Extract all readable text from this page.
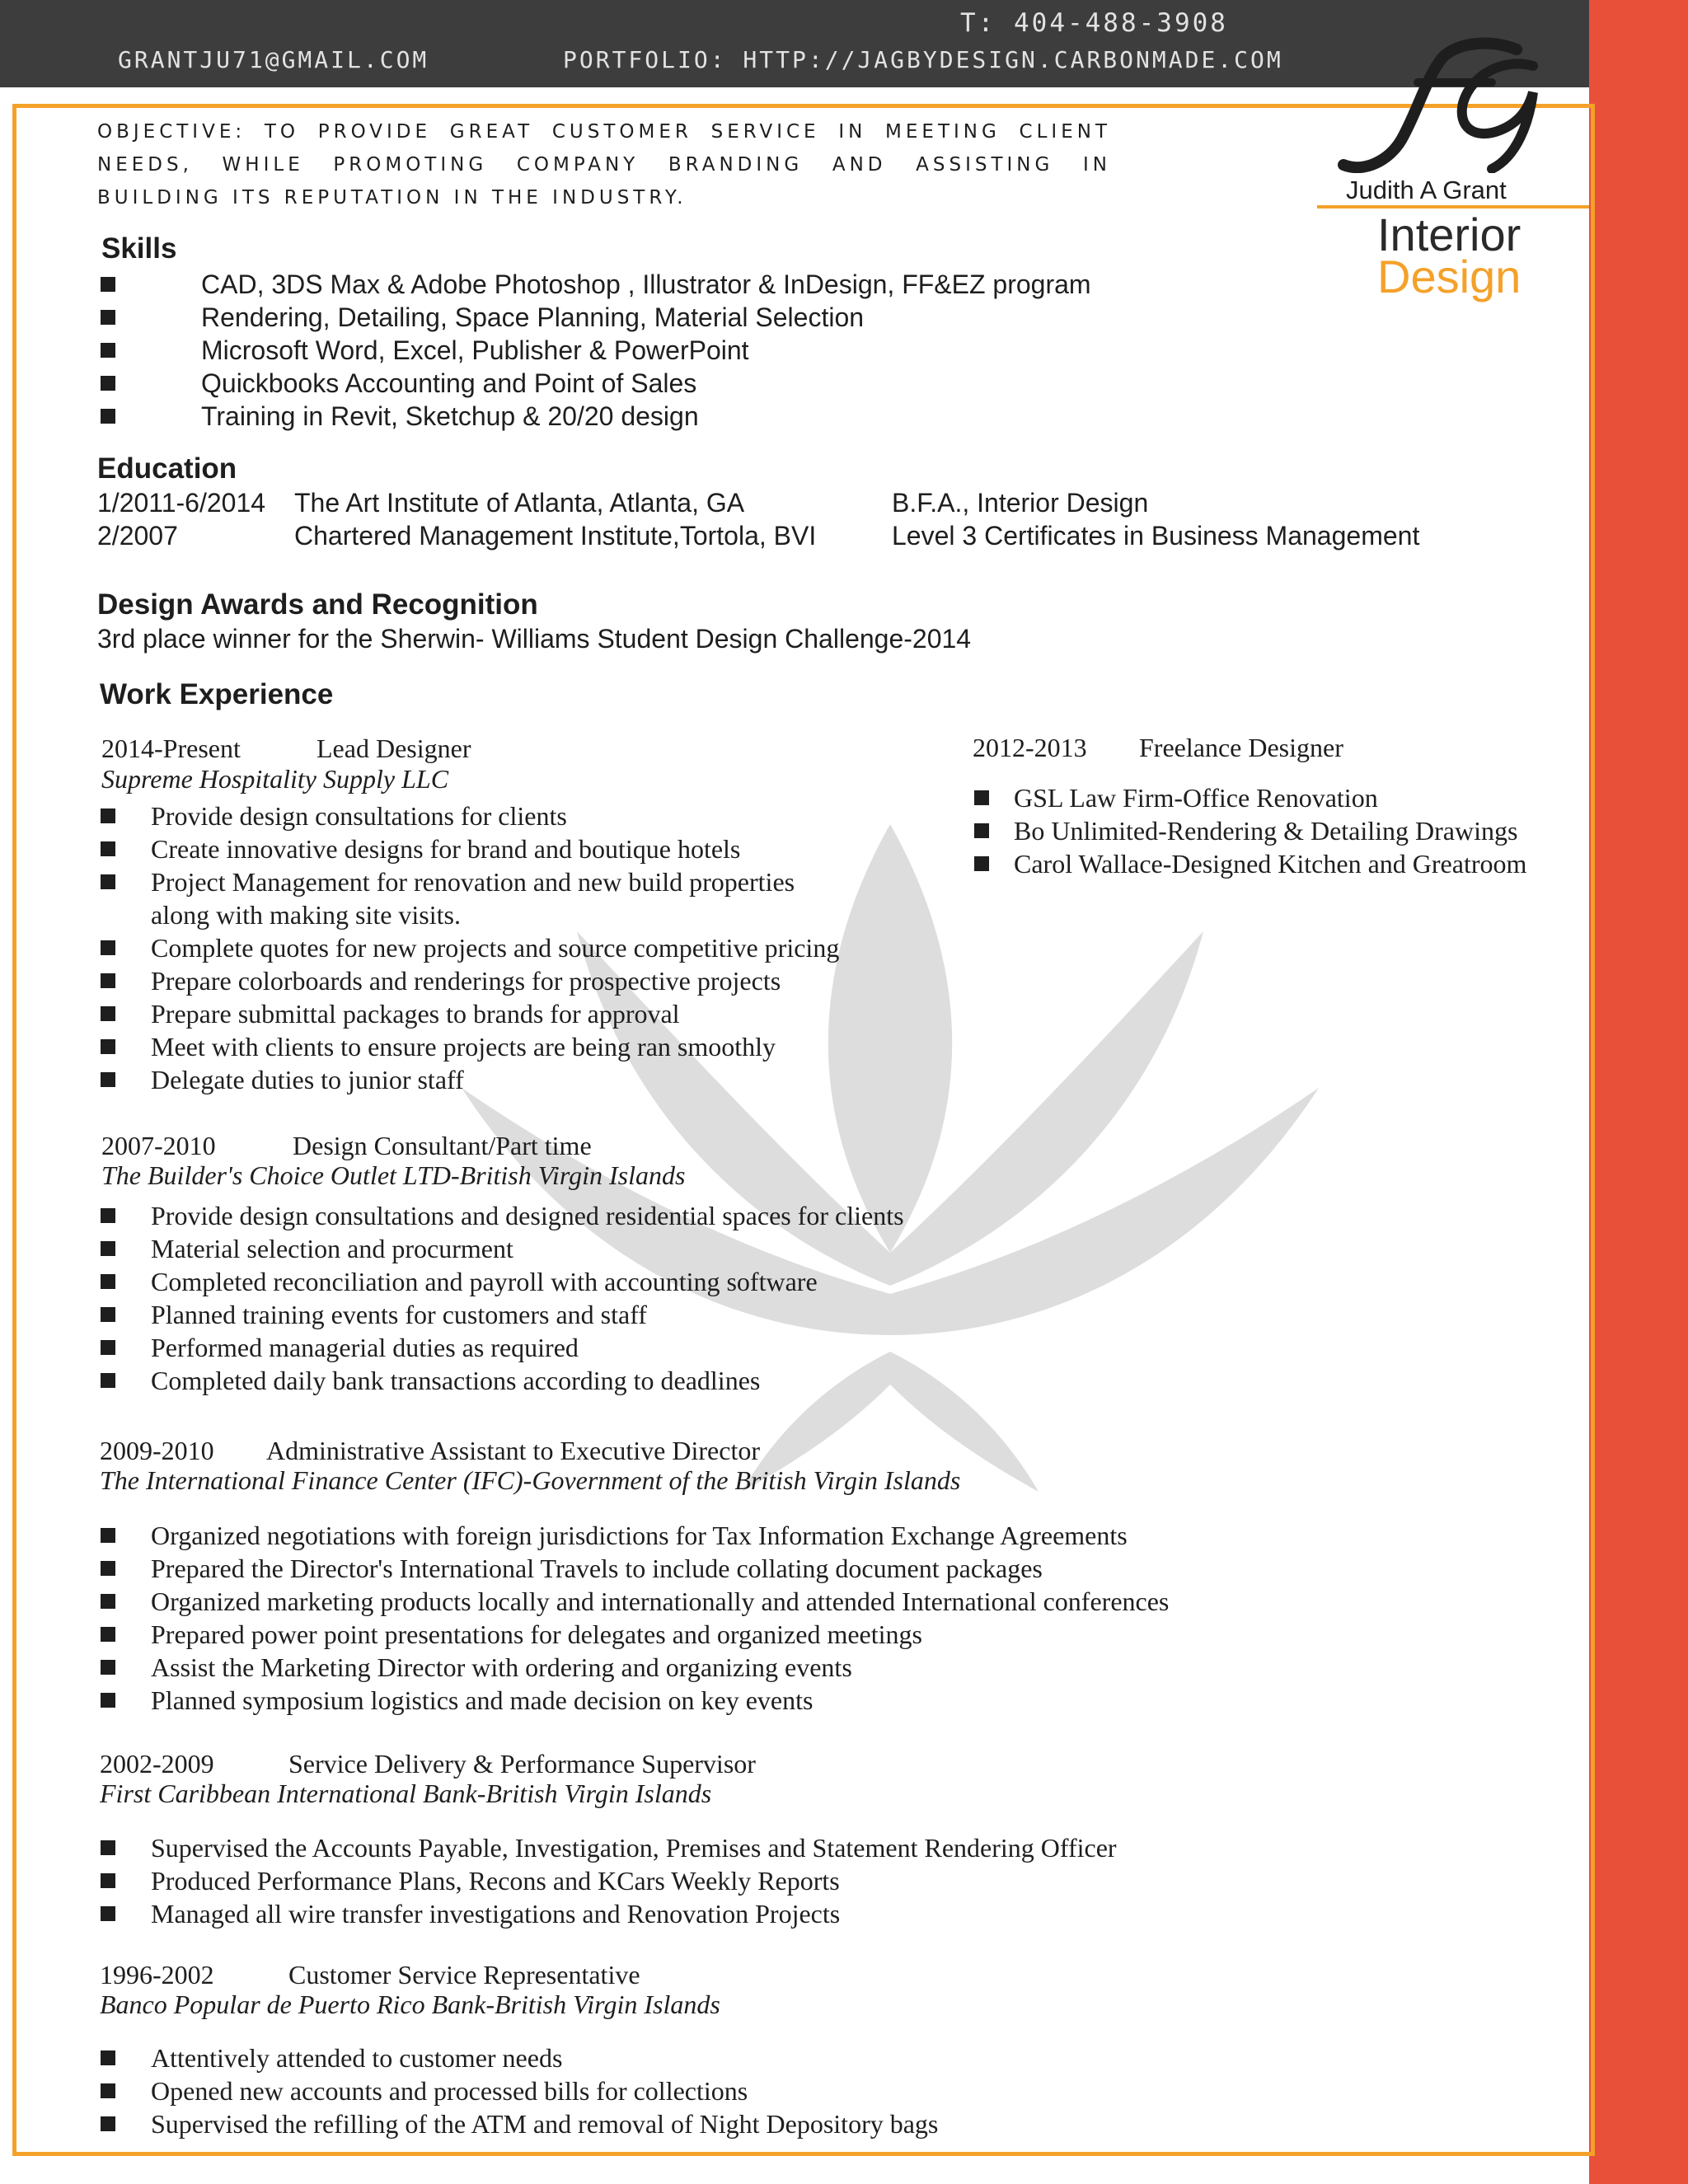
T: 404-488-3908
GRANTJU71@GMAIL.COM	PORTFOLIO: HTTP://JAGBYDESIGN.CARBONMADE.COM
Judith A Grant
Interior
Design
OBJECTIVE: TO PROVIDE GREAT CUSTOMER SERVICE IN MEETING CLIENT NEEDS, WHILE PROMOTING COMPANY BRANDING AND ASSISTING IN BUILDING ITS REPUTATION IN THE INDUSTRY.
Skills
CAD, 3DS Max & Adobe Photoshop , Illustrator & InDesign, FF&EZ program
Rendering, Detailing, Space Planning, Material Selection
Microsoft Word, Excel, Publisher & PowerPoint
Quickbooks Accounting and Point of Sales
Training in Revit, Sketchup & 20/20 design
Education
1/2011-6/2014 The Art Institute of Atlanta, Atlanta, GA	B.F.A., Interior Design
2/2007	Chartered Management Institute,Tortola, BVI	Level 3 Certificates in Business Management
Design Awards and Recognition
3rd place winner for the Sherwin- Williams Student Design Challenge-2014
Work Experience
2014-Present	Lead Designer
Supreme Hospitality Supply LLC
Provide design consultations for clients
Create innovative designs for brand and boutique hotels
Project Management for renovation and new build properties
along with making site visits.
Complete quotes for new projects and source competitive pricing
Prepare colorboards and renderings for prospective projects
Prepare submittal packages to brands for approval
Meet with clients to ensure projects are being ran smoothly
Delegate duties to junior staff
2012-2013 Freelance Designer
GSL Law Firm-Office Renovation
Bo Unlimited-Rendering & Detailing Drawings
Carol Wallace-Designed Kitchen and Greatroom
2007-2010	Design Consultant/Part time
The Builder's Choice Outlet LTD-British Virgin Islands
Provide design consultations and designed residential spaces for clients
Material selection and procurment
Completed reconciliation and payroll with accounting software
Planned training events for customers and staff
Performed managerial duties as required
Completed daily bank transactions according to deadlines
2009-2010 Administrative Assistant to Executive Director
The International Finance Center (IFC)-Government of the British Virgin Islands
Organized negotiations with foreign jurisdictions for Tax Information Exchange Agreements
Prepared the Director's International Travels to include collating document packages
Organized marketing products locally and internationally and attended International conferences
Prepared power point presentations for delegates and organized meetings
Assist the Marketing Director with ordering and organizing events
Planned symposium logistics and made decision on key events
2002-2009	Service Delivery & Performance Supervisor
First Caribbean International Bank-British Virgin Islands
Supervised the Accounts Payable, Investigation, Premises and Statement Rendering Officer
Produced Performance Plans, Recons and KCars Weekly Reports
Managed all wire transfer investigations and Renovation Projects
1996-2002	Customer Service Representative
Banco Popular de Puerto Rico Bank-British Virgin Islands
Attentively attended to customer needs
Opened new accounts and processed bills for collections
Supervised the refilling of the ATM and removal of Night Depository bags
